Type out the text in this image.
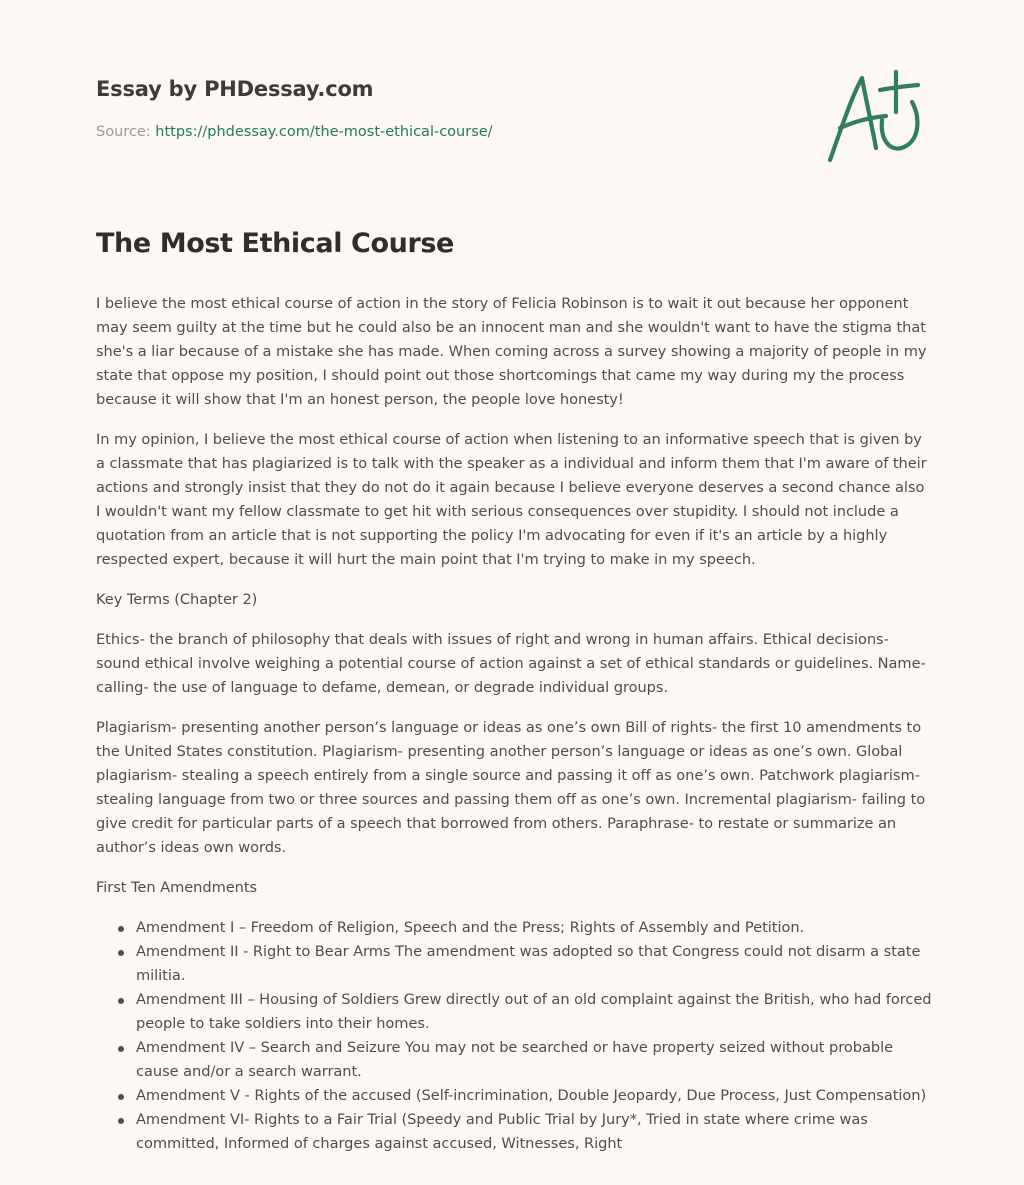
Essay by PHDessay.com
Source: https://phdessay.com/the-most-ethical-course/
The Most Ethical Course

I believe the most ethical course of action in the story of Felicia Robinson is to wait it out because her opponent may seem guilty at the time but he could also be an innocent man and she wouldn't want to have the stigma that she's a liar because of a mistake she has made. When coming across a survey showing a majority of people in my state that oppose my position, I should point out those shortcomings that came my way during my the process because it will show that I'm an honest person, the people love honesty!

In my opinion, I believe the most ethical course of action when listening to an informative speech that is given by a classmate that has plagiarized is to talk with the speaker as a individual and inform them that I'm aware of their actions and strongly insist that they do not do it again because I believe everyone deserves a second chance also I wouldn't want my fellow classmate to get hit with serious consequences over stupidity. I should not include a quotation from an article that is not supporting the policy I'm advocating for even if it's an article by a highly respected expert, because it will hurt the main point that I'm trying to make in my speech.

Key Terms (Chapter 2)

Ethics- the branch of philosophy that deals with issues of right and wrong in human affairs. Ethical decisions- sound ethical involve weighing a potential course of action against a set of ethical standards or guidelines. Name-calling- the use of language to defame, demean, or degrade individual groups.

Plagiarism- presenting another person’s language or ideas as one’s own Bill of rights- the first 10 amendments to the United States constitution. Plagiarism- presenting another person’s language or ideas as one’s own. Global plagiarism- stealing a speech entirely from a single source and passing it off as one’s own. Patchwork plagiarism- stealing language from two or three sources and passing them off as one’s own. Incremental plagiarism- failing to give credit for particular parts of a speech that borrowed from others. Paraphrase- to restate or summarize an author’s ideas own words.

First Ten Amendments

Amendment I – Freedom of Religion, Speech and the Press; Rights of Assembly and Petition.
Amendment II - Right to Bear Arms The amendment was adopted so that Congress could not disarm a state militia.
Amendment III – Housing of Soldiers Grew directly out of an old complaint against the British, who had forced people to take soldiers into their homes.
Amendment IV – Search and Seizure You may not be searched or have property seized without probable cause and/or a search warrant.
Amendment V - Rights of the accused (Self-incrimination, Double Jeopardy, Due Process, Just Compensation)
Amendment VI- Rights to a Fair Trial (Speedy and Public Trial by Jury*, Tried in state where crime was committed, Informed of charges against accused, Witnesses, Right
